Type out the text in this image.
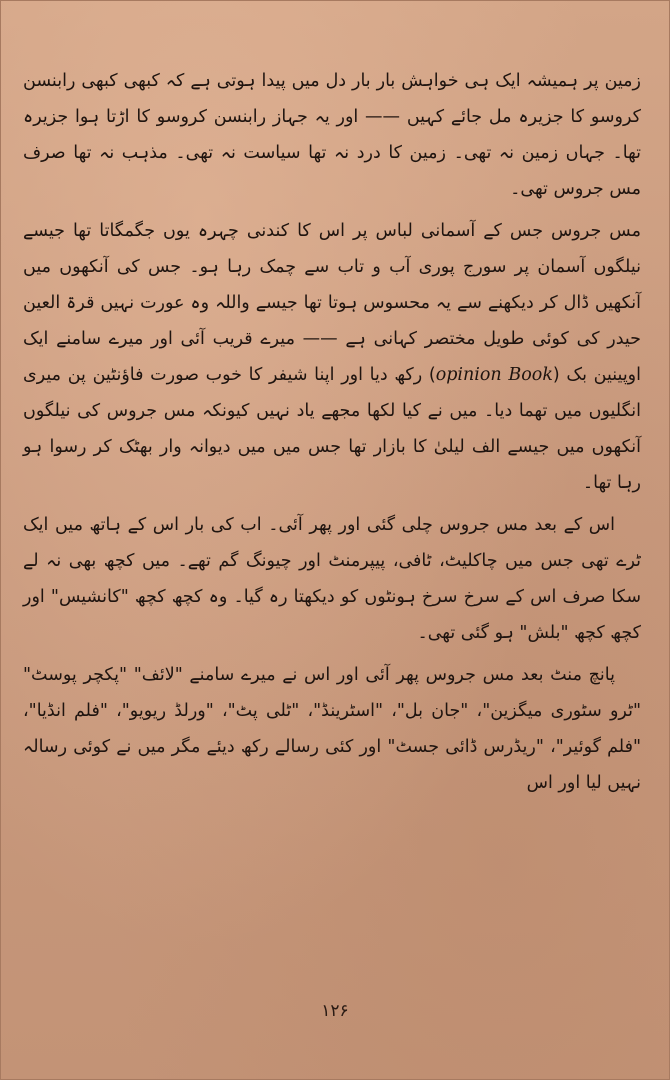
زمین پر ہمیشہ ایک ہی خواہش بار بار دل میں پیدا ہوتی ہے کہ کبھی کبھی رابنسن کروسو کا جزیرہ مل جائے کہیں —— اور یہ جہاز رابنسن کروسو کا اڑتا ہوا جزیرہ تھا۔ جہاں زمین نہ تھی۔ زمین کا درد نہ تھا سیاست نہ تھی۔ مذہب نہ تھا صرف مس جروس تھی۔

مس جروس جس کے آسمانی لباس پر اس کا کندنی چہرہ یوں جگمگاتا تھا جیسے نیلگوں آسمان پر سورج پوری آب و تاب سے چمک رہا ہو۔ جس کی آنکھوں میں آنکھیں ڈال کر دیکھنے سے یہ محسوس ہوتا تھا جیسے واللہ وہ عورت نہیں قرۃ العین حیدر کی کوئی طویل مختصر کہانی ہے —— میرے قریب آئی اور میرے سامنے ایک اوپینین بک (opinion Book) رکھ دیا اور اپنا شیفر کا خوب صورت فاؤنٹین پن میری انگلیوں میں تھما دیا۔ میں نے کیا لکھا مجھے یاد نہیں کیونکہ مس جروس کی نیلگوں آنکھوں میں جیسے الف لیلیٰ کا بازار تھا جس میں میں دیوانہ وار بھٹک کر رسوا ہو رہا تھا۔

اس کے بعد مس جروس چلی گئی اور پھر آئی۔ اب کی بار اس کے ہاتھ میں ایک ٹرے تھی جس میں چاکلیٹ، ٹافی، پیپرمنٹ اور چیونگ گم تھے۔ میں کچھ بھی نہ لے سکا صرف اس کے سرخ سرخ ہونٹوں کو دیکھتا رہ گیا۔ وہ کچھ کچھ "کانشیس" اور کچھ کچھ "بلش" ہو گئی تھی۔

پانچ منٹ بعد مس جروس پھر آئی اور اس نے میرے سامنے "لائف" "پکچر پوسٹ" "ٹرو سٹوری میگزین"، "جان بل"، "اسٹرینڈ"، "ٹلی پٹ"، "ورلڈ ریویو"، "فلم انڈیا"، "فلم گوئیر"، "ریڈرس ڈائی جسٹ" اور کئی رسالے رکھ دیئے مگر میں نے کوئی رسالہ نہیں لیا اور اس

۱۲۶
